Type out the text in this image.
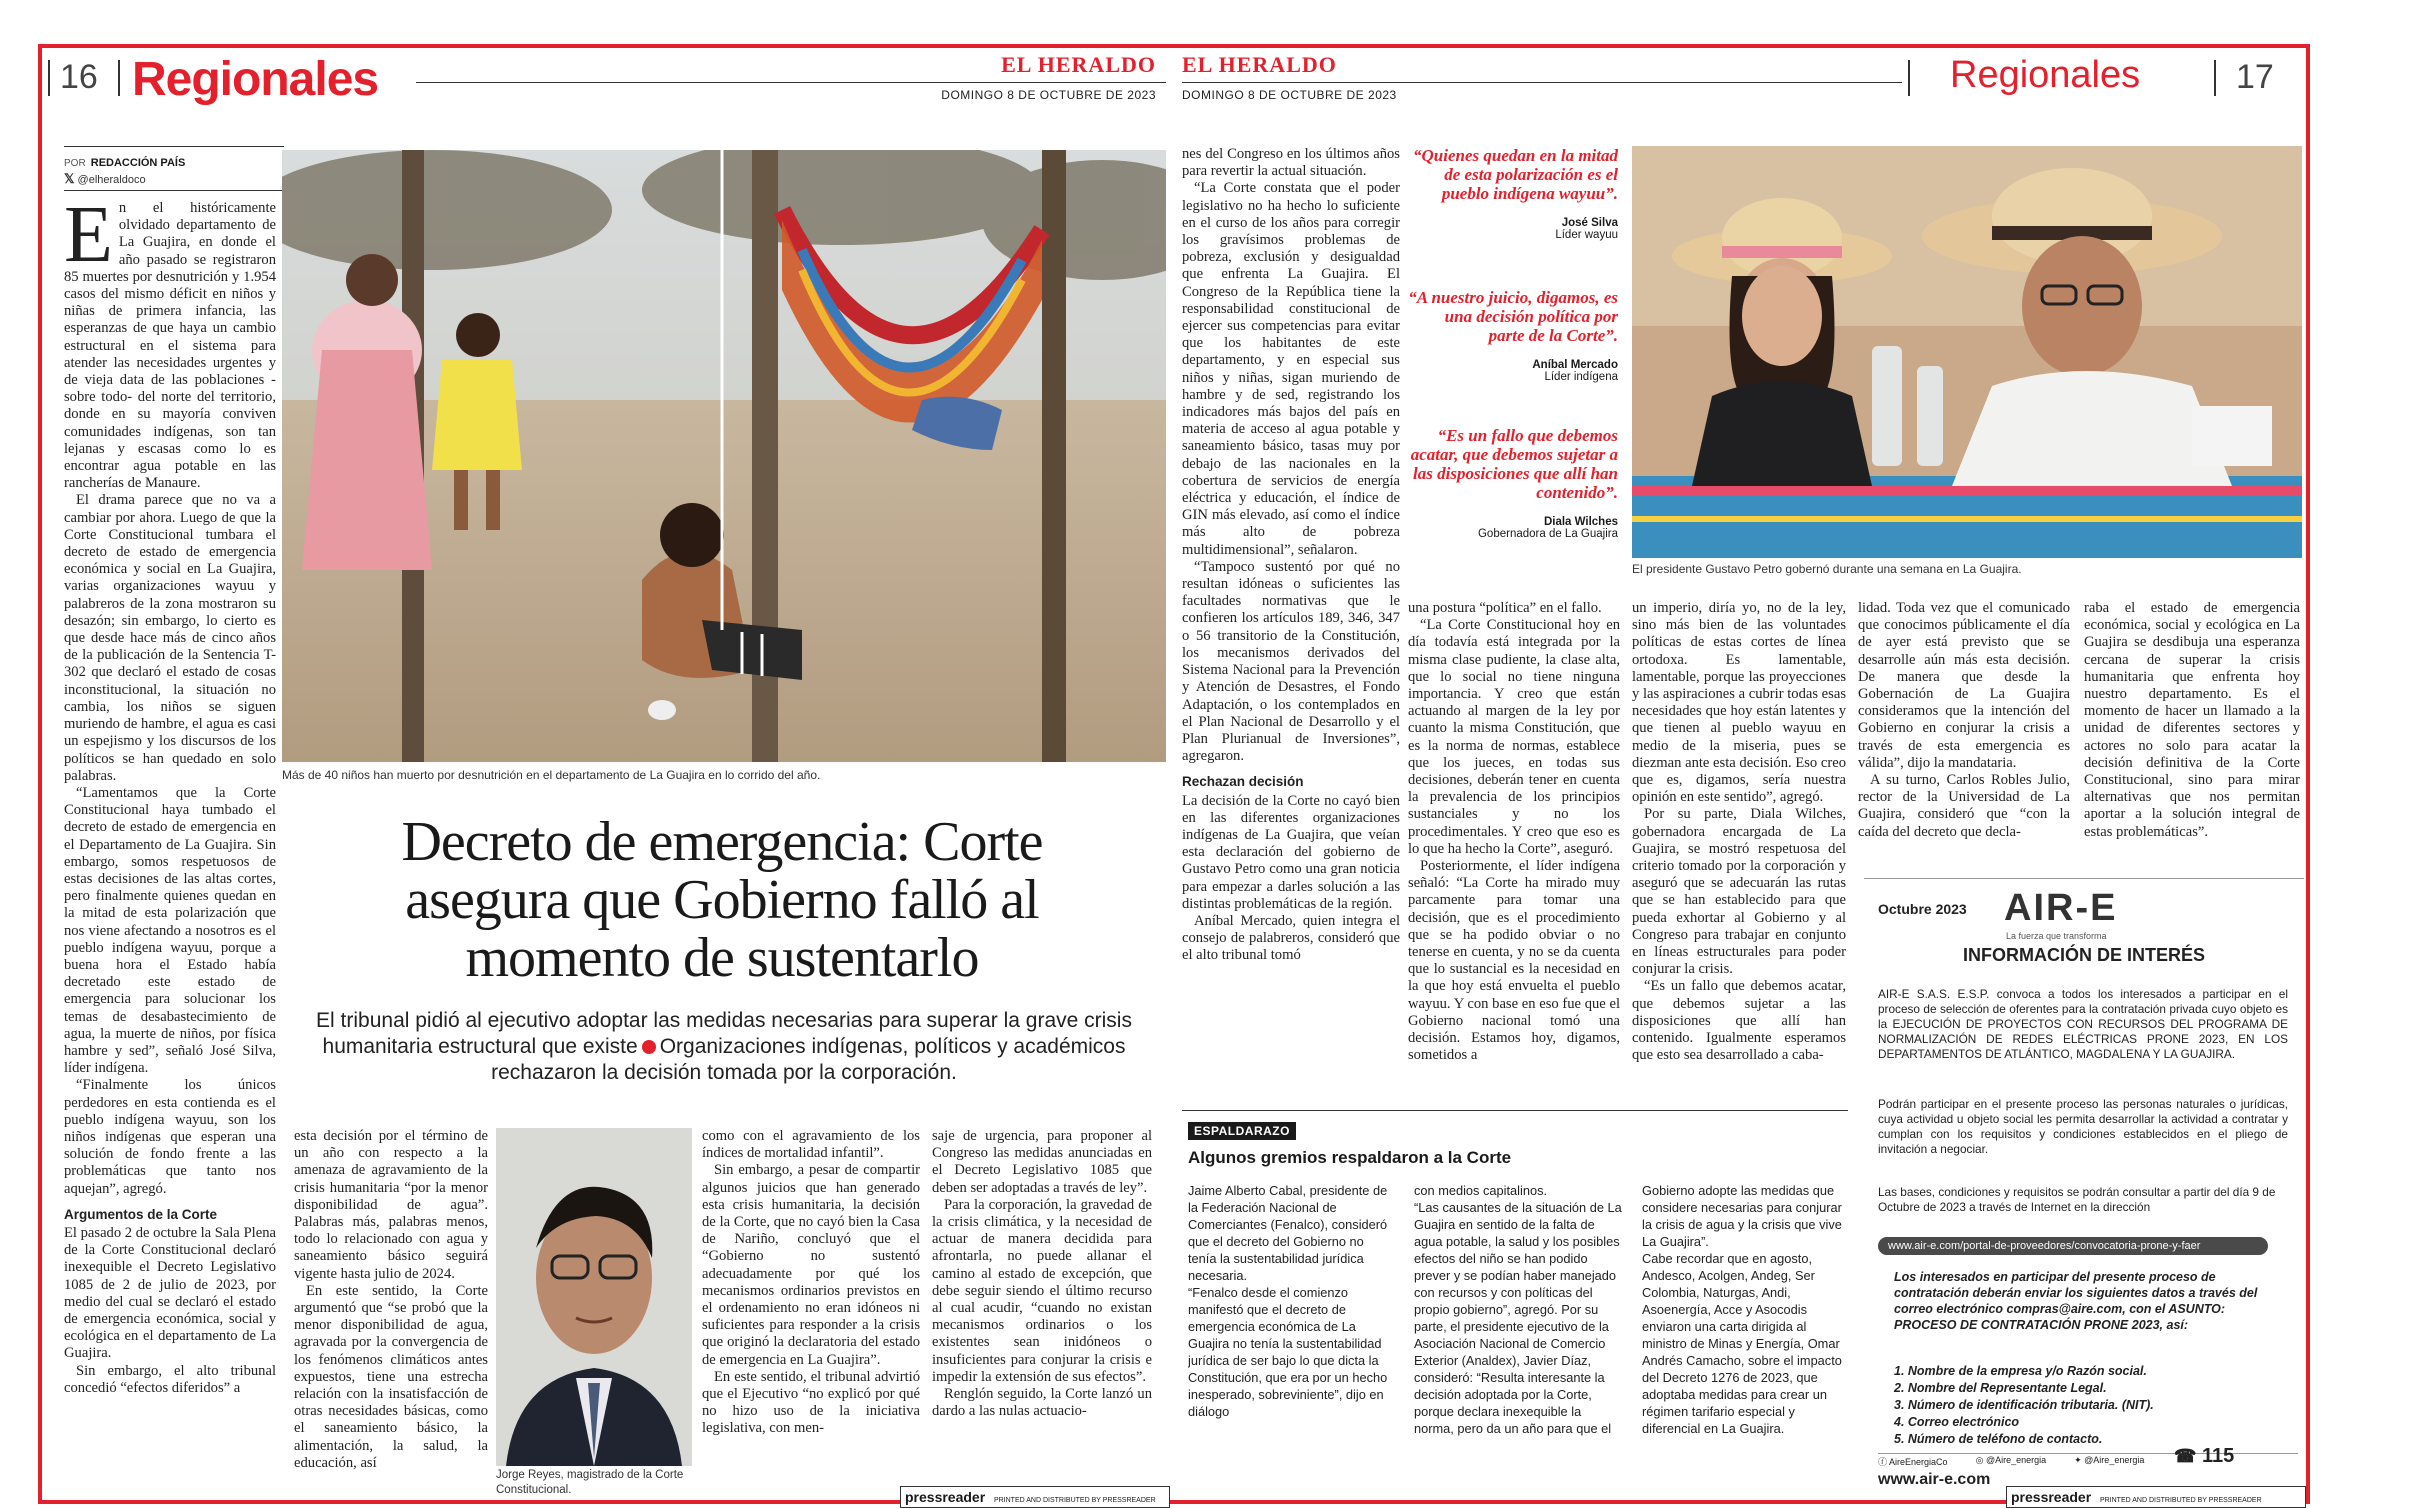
16 Regionales	EL HERALDO
DOMINGO 8 DE OCTUBRE DE 2023
POR REDACCIÓN PAÍS
𝕏 @elheraldoco
Más de 40 niños han muerto por desnutrición en el departamento de La Guajira en lo corrido del año.

En el históricamente olvidado departamento de La Guajira, en donde el año pasado se registraron 85 muertes por desnutrición y 1.954 casos del mismo déficit en niños y niñas de primera infancia, las esperanzas de que haya un cambio estructural en el sistema para atender las necesidades urgentes y de vieja data de las poblaciones -sobre todo- del norte del territorio, donde en su mayoría conviven comunidades indígenas, son tan lejanas y escasas como lo es encontrar agua potable en las rancherías de Manaure.

El drama parece que no va a cambiar por ahora. Luego de que la Corte Constitucional tumbara el decreto de estado de emergencia económica y social en La Guajira, varias organizaciones wayuu y palabreros de la zona mostraron su desazón; sin embargo, lo cierto es que desde hace más de cinco años de la publicación de la Sentencia T-302 que declaró el estado de cosas inconstitucional, la situación no cambia, los niños se siguen muriendo de hambre, el agua es casi un espejismo y los discursos de los políticos se han quedado en solo palabras.

“Lamentamos que la Corte Constitucional haya tumbado el decreto de estado de emergencia en el Departamento de La Guajira. Sin embargo, somos respetuosos de estas decisiones de las altas cortes, pero finalmente quienes quedan en la mitad de esta polarización que nos viene afectando a nosotros es el pueblo indígena wayuu, porque a buena hora el Estado había decretado este estado de emergencia para solucionar los temas de desabastecimiento de agua, la muerte de niños, por física hambre y sed”, señaló José Silva, líder indígena.

“Finalmente los únicos perdedores en esta contienda es el pueblo indígena wayuu, son los niños indígenas que esperan una solución de fondo frente a las problemáticas que tanto nos aquejan”, agregó.

Argumentos de la Corte

El pasado 2 de octubre la Sala Plena de la Corte Constitucional declaró inexequible el Decreto Legislativo 1085 de 2 de julio de 2023, por medio del cual se declaró el estado de emergencia económica, social y ecológica en el departamento de La Guajira.

Sin embargo, el alto tribunal concedió “efectos diferidos” a

Decreto de emergencia: Corte asegura que Gobierno falló al momento de sustentarlo
El tribunal pidió al ejecutivo adoptar las medidas necesarias para superar la grave crisis humanitaria estructural que existe Organizaciones indígenas, políticos y académicos rechazaron la decisión tomada por la corporación.

esta decisión por el término de un año con respecto a la amenaza de agravamiento de la crisis humanitaria “por la menor disponibilidad de agua”. Palabras más, palabras menos, todo lo relacionado con agua y saneamiento básico seguirá vigente hasta julio de 2024.

En este sentido, la Corte argumentó que “se probó que la menor disponibilidad de agua, agravada por la convergencia de los fenómenos climáticos antes expuestos, tiene una estrecha relación con la insatisfacción de otras necesidades básicas, como el saneamiento básico, la alimentación, la salud, la educación, así

Jorge Reyes, magistrado de la Corte Constitucional.

como con el agravamiento de los índices de mortalidad infantil”.

Sin embargo, a pesar de compartir algunos juicios que han generado esta crisis humanitaria, la decisión de la Corte, que no cayó bien la Casa de Nariño, concluyó que el “Gobierno no sustentó adecuadamente por qué los mecanismos ordinarios previstos en el ordenamiento no eran idóneos ni suficientes para responder a la crisis que originó la declaratoria del estado de emergencia en La Guajira”.

En este sentido, el tribunal advirtió que el Ejecutivo “no explicó por qué no hizo uso de la iniciativa legislativa, con men-

saje de urgencia, para proponer al Congreso las medidas anunciadas en el Decreto Legislativo 1085 que deben ser adoptadas a través de ley”.

Para la corporación, la gravedad de la crisis climática, y la necesidad de actuar de manera decidida para afrontarla, no puede allanar el camino al estado de excepción, que debe seguir siendo el último recurso al cual acudir, “cuando no existan mecanismos ordinarios o los existentes sean inidóneos o insuficientes para conjurar la crisis e impedir la extensión de sus efectos”.

Renglón seguido, la Corte lanzó un dardo a las nulas actuacio-

pressreader PRINTED AND DISTRIBUTED BY PRESSREADER
EL HERALDO
DOMINGO 8 DE OCTUBRE DE 2023	Regionales	17

nes del Congreso en los últimos años para revertir la actual situación.

“La Corte constata que el poder legislativo no ha hecho lo suficiente en el curso de los años para corregir los gravísimos problemas de pobreza, exclusión y desigualdad que enfrenta La Guajira. El Congreso de la República tiene la responsabilidad constitucional de ejercer sus competencias para evitar que los habitantes de este departamento, y en especial sus niños y niñas, sigan muriendo de hambre y de sed, registrando los indicadores más bajos del país en materia de acceso al agua potable y saneamiento básico, tasas muy por debajo de las nacionales en la cobertura de servicios de energía eléctrica y educación, el índice de GIN más elevado, así como el índice más alto de pobreza multidimensional”, señalaron.

“Tampoco sustentó por qué no resultan idóneas o suficientes las facultades normativas que le confieren los artículos 189, 346, 347 o 56 transitorio de la Constitución, los mecanismos derivados del Sistema Nacional para la Prevención y Atención de Desastres, el Fondo Adaptación, o los contemplados en el Plan Nacional de Desarrollo y el Plan Plurianual de Inversiones”, agregaron.

Rechazan decisión

La decisión de la Corte no cayó bien en las diferentes organizaciones indígenas de La Guajira, que veían esta declaración del gobierno de Gustavo Petro como una gran noticia para empezar a darles solución a las distintas problemáticas de la región.

Aníbal Mercado, quien integra el consejo de palabreros, consideró que el alto tribunal tomó

“Quienes quedan en la mitad de esta polarización es el pueblo indígena wayuu”.
José Silva
Líder wayuu
“A nuestro juicio, digamos, es una decisión política por parte de la Corte”.
Aníbal Mercado
Líder indígena
“Es un fallo que debemos acatar, que debemos sujetar a las disposiciones que allí han contenido”.
Diala Wilches
Gobernadora de La Guajira
El presidente Gustavo Petro gobernó durante una semana en La Guajira.

una postura “política” en el fallo.

“La Corte Constitucional hoy en día todavía está integrada por la misma clase pudiente, la clase alta, que lo social no tiene ninguna importancia. Y creo que están actuando al margen de la ley por cuanto la misma Constitución, que es la norma de normas, establece que los jueces, en todas sus decisiones, deberán tener en cuenta la prevalencia de los principios sustanciales y no los procedimentales. Y creo que eso es lo que ha hecho la Corte”, aseguró.

Posteriormente, el líder indígena señaló: “La Corte ha mirado muy parcamente para tomar una decisión, que es el procedimiento que se ha podido obviar o no tenerse en cuenta, y no se da cuenta que lo sustancial es la necesidad en la que hoy está envuelta el pueblo wayuu. Y con base en eso fue que el Gobierno nacional tomó una decisión. Estamos hoy, digamos, sometidos a

un imperio, diría yo, no de la ley, sino más bien de las voluntades políticas de estas cortes de línea ortodoxa. Es lamentable, lamentable, porque las proyecciones y las aspiraciones a cubrir todas esas necesidades que hoy están latentes y que tienen al pueblo wayuu en medio de la miseria, pues se diezman ante esta decisión. Eso creo que es, digamos, sería nuestra opinión en este sentido”, agregó.

Por su parte, Diala Wilches, gobernadora encargada de La Guajira, se mostró respetuosa del criterio tomado por la corporación y aseguró que se adecuarán las rutas que se han establecido para que pueda exhortar al Gobierno y al Congreso para trabajar en conjunto en líneas estructurales para poder conjurar la crisis.

“Es un fallo que debemos acatar, que debemos sujetar a las disposiciones que allí han contenido. Igualmente esperamos que esto sea desarrollado a caba-

lidad. Toda vez que el comunicado que conocimos públicamente el día de ayer está previsto que se desarrolle aún más esta decisión. De manera que desde la Gobernación de La Guajira consideramos que la intención del Gobierno en conjurar la crisis a través de esta emergencia es válida”, dijo la mandataria.

A su turno, Carlos Robles Julio, rector de la Universidad de La Guajira, consideró que “con la caída del decreto que decla-

raba el estado de emergencia económica, social y ecológica en La Guajira se desdibuja una esperanza cercana de superar la crisis humanitaria que enfrenta hoy nuestro departamento. Es el momento de hacer un llamado a la unidad de diferentes sectores y actores no solo para acatar la decisión definitiva de la Corte Constitucional, sino para mirar alternativas que nos permitan aportar a la solución integral de estas problemáticas”.

ESPALDARAZO
Algunos gremios respaldaron a la Corte
Jaime Alberto Cabal, presidente de la Federación Nacional de Comerciantes (Fenalco), consideró que el decreto del Gobierno no tenía la sustentabilidad jurídica necesaria.
“Fenalco desde el comienzo manifestó que el decreto de emergencia económica de La Guajira no tenía la sustentabilidad jurídica de ser bajo lo que dicta la Constitución, que era por un hecho inesperado, sobreviniente”, dijo en diálogo
con medios capitalinos.
“Las causantes de la situación de La Guajira en sentido de la falta de agua potable, la salud y los posibles efectos del niño se han podido prever y se podían haber manejado con recursos y con políticas del propio gobierno”, agregó. Por su parte, el presidente ejecutivo de la Asociación Nacional de Comercio Exterior (Analdex), Javier Díaz, consideró: “Resulta interesante la decisión adoptada por la Corte, porque declara inexequible la norma, pero da un año para que el
Gobierno adopte las medidas que considere necesarias para conjurar la crisis de agua y la crisis que vive La Guajira”.
Cabe recordar que en agosto, Andesco, Acolgen, Andeg, Ser Colombia, Naturgas, Andi, Asoenergía, Acce y Asocodis enviaron una carta dirigida al ministro de Minas y Energía, Omar Andrés Camacho, sobre el impacto del Decreto 1276 de 2023, que adoptaba medidas para crear un régimen tarifario especial y diferencial en La Guajira.
Octubre 2023 AIR-E
La fuerza que transforma
INFORMACIÓN DE INTERÉS
AIR-E S.A.S. E.S.P. convoca a todos los interesados a participar en el proceso de selección de oferentes para la contratación privada cuyo objeto es la EJECUCIÓN DE PROYECTOS CON RECURSOS DEL PROGRAMA DE NORMALIZACIÓN DE REDES ELÉCTRICAS PRONE 2023, EN LOS DEPARTAMENTOS DE ATLÁNTICO, MAGDALENA Y LA GUAJIRA.
Podrán participar en el presente proceso las personas naturales o jurídicas, cuya actividad u objeto social les permita desarrollar la actividad a contratar y cumplan con los requisitos y condiciones establecidos en el pliego de invitación a negociar.
Las bases, condiciones y requisitos se podrán consultar a partir del día 9 de Octubre de 2023 a través de Internet en la dirección
www.air-e.com/portal-de-proveedores/convocatoria-prone-y-faer
Los interesados en participar del presente proceso de contratación deberán enviar los siguientes datos a través del correo electrónico compras@aire.com, con el ASUNTO: PROCESO DE CONTRATACIÓN PRONE 2023, así:
1. Nombre de la empresa y/o Razón social.
2. Nombre del Representante Legal.
3. Número de identificación tributaria. (NIT).
4. Correo electrónico
5. Número de teléfono de contacto.
ⓕ AireEnergiaCo	◎ @Aire_energia	✦ @Aire_energia ☎ 115
www.air-e.com
pressreader PRINTED AND DISTRIBUTED BY PRESSREADER
